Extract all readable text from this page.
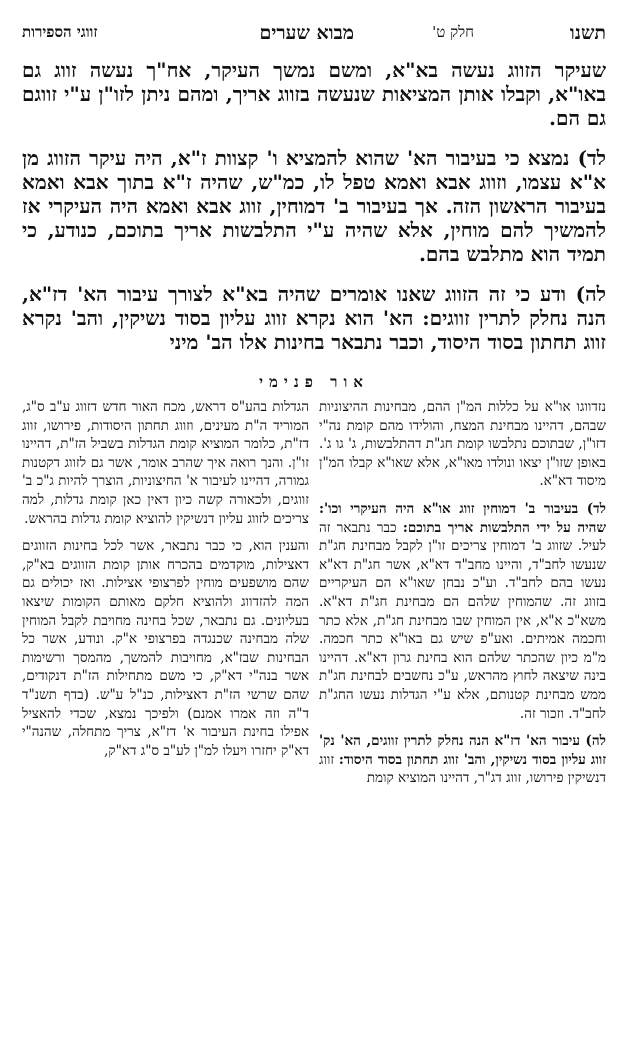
תשנו
מבוא שערים	חלק ט'
זווגי הספירות

שעיקר הזווג נעשה בא"א, ומשם נמשך העיקר, אח"ך נעשה זווג גם באו"א, וקבלו אותן המציאות שנעשה בזווג אריך, ומהם ניתן לזו"ן ע"י זווגם גם הם.

לד) נמצא כי בעיבור הא' שהוא להמציא ו' קצוות ז"א, היה עיקר הזווג מן א"א עצמו, וזווג אבא ואמא טפל לו, כמ"ש, שהיה ז"א בתוך אבא ואמא בעיבור הראשון הזה. אך בעיבור ב' דמוחין, זווג אבא ואמא היה העיקרי אז להמשיך להם מוחין, אלא שהיה ע"י התלבשות אריך בתוכם, כנודע, כי תמיד הוא מתלבש בהם.

לה) ודע כי זה הזווג שאנו אומרים שהיה בא"א לצורך עיבור הא' דז"א, הנה נחלק לתרין זווגים: הא' הוא נקרא זווג עליון בסוד נשיקין, והב' נקרא זווג תחתון בסוד היסוד, וכבר נתבאר בחינות אלו הב' מיני

אור פנימי

נזדווגו או"א על כללות המ"ן ההם, מבחינות ההיצוניות שבהם, דהיינו מבחינת המצח, והולידו מהם קומת נה"י דזו"ן, שבתוכם נתלבשו קומת חג"ת דהתלבשות, ג' גו ג'. באופן שזו"ן יצאו ונולדו מאו"א, אלא שאו"א קבלו המ"ן מיסוד דא"א.

לד) בעיבור ב' דמוחין זווג או"א היה העיקרי וכו': שהיה על ידי התלבשות אריך בתוכם: כבר נתבאר זה לעיל. שזווג ב' דמוחין צריכים זו"ן לקבל מבחינת חג"ת שנעשו לחב"ד, והיינו מחב"ד דא"א, אשר חג"ת דא"א נעשו בהם לחב"ד. וע"כ נבחן שאו"א הם העיקריים בזווג זה. שהמוחין שלהם הם מבחינת חג"ת דא"א. משא"כ א"א, אין המוחין שבו מבחינת חג"ת, אלא כתר וחכמה אמיתים. ואע"פ שיש גם באו"א כתר חכמה. מ"מ כיון שהכתר שלהם הוא בחינת גרון דא"א. דהיינו בינה שיצאה לחוץ מהראש, ע"כ נחשבים לבחינת חג"ת ממש מבחינת קטנותם, אלא ע"י הגדלות נעשו החג"ת לחב"ד. וזכור זה.

לה) עיבור הא' דז"א הנה נחלק לתרין זווגים, הא' נק' זווג עליון בסוד נשיקין, והב' זווג תחתון בסוד היסוד: זווג דנשיקין פירושו, זווג דג"ר, דהיינו המוציא קומת

הגדלות בהע"ס דראש, מכח האור חדש דזווג ע"ב ס"ג, המוריד ה"ת מעינים, וזווג תחתון היסודות, פירושו, זווג דז"ת, כלומר המוציא קומת הגדלות בשביל הז"ת, דהיינו זו"ן. והנך רואה איך שהרב אומר, אשר גם לזווג דקטנות גמורה, דהיינו לעיבור א' החיצוניות, הוצרך להיות ג"כ ב' זווגים, ולכאורה קשה כיון דאין כאן קומת גדלות, למה צריכים לזווג עליון דנשיקין להוציא קומת גדלות בהראש.

והענין הוא, כי כבר נתבאר, אשר לכל בחינות הזווגים דאצילות, מוקדמים בהכרח אותן קומת הזווגים בא"ק, שהם מושפעים מוחין לפרצופי אצילות. ואז יכולים גם המה להזדווג ולהוציא חלקם מאותם הקומות שיצאו בעליונים. גם נתבאר, שכל בחינה מחויבת לקבל המוחין שלה מבחינה שכנגדה בפרצופי א"ק. ונודע, אשר כל הבחינות שבז"א, מחויבות להמשך, מהמסך ורשימות אשר בנה"י דא"ק, כי משם מתחילות הז"ת דנקודים, שהם שרשי הז"ת דאצילות, כנ"ל ע"ש. (בדף תשנ"ד ד"ה וזה אמרו אמנם) ולפיכך נמצא, שכדי להאציל אפילו בחינת העיבור א' דז"א, צריך מתחלה, שהנה"י דא"ק יחזרו ויעלו למ"ן לע"ב ס"ג דא"ק,
